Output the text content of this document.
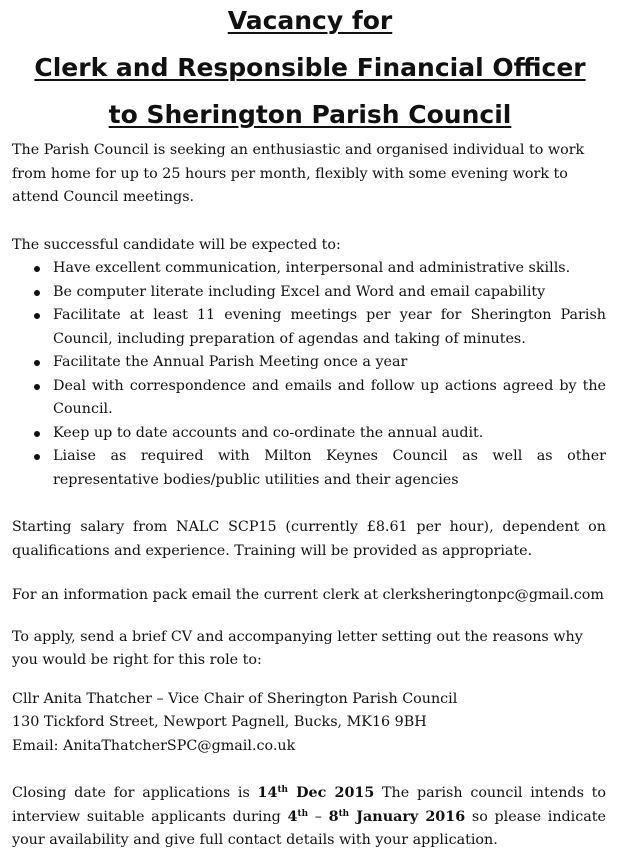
Vacancy for
Clerk and Responsible Financial Officer
to Sherington Parish Council

The Parish Council is seeking an enthusiastic and organised individual to work from home for up to 25 hours per month, flexibly with some evening work to attend Council meetings.

The successful candidate will be expected to:

Have excellent communication, interpersonal and administrative skills.
Be computer literate including Excel and Word and email capability
Facilitate at least 11 evening meetings per year for Sherington Parish Council, including preparation of agendas and taking of minutes.
Facilitate the Annual Parish Meeting once a year
Deal with correspondence and emails and follow up actions agreed by the Council.
Keep up to date accounts and co-ordinate the annual audit.
Liaise as required with Milton Keynes Council as well as other representative bodies/public utilities and their agencies

Starting salary from NALC SCP15 (currently £8.61 per hour), dependent on qualifications and experience. Training will be provided as appropriate.

For an information pack email the current clerk at clerksheringtonpc@gmail.com

To apply, send a brief CV and accompanying letter setting out the reasons why you would be right for this role to:

Cllr Anita Thatcher – Vice Chair of Sherington Parish Council
130 Tickford Street, Newport Pagnell, Bucks, MK16 9BH
Email: AnitaThatcherSPC@gmail.co.uk

Closing date for applications is 14th Dec 2015 The parish council intends to interview suitable applicants during 4th – 8th January 2016 so please indicate your availability and give full contact details with your application.
